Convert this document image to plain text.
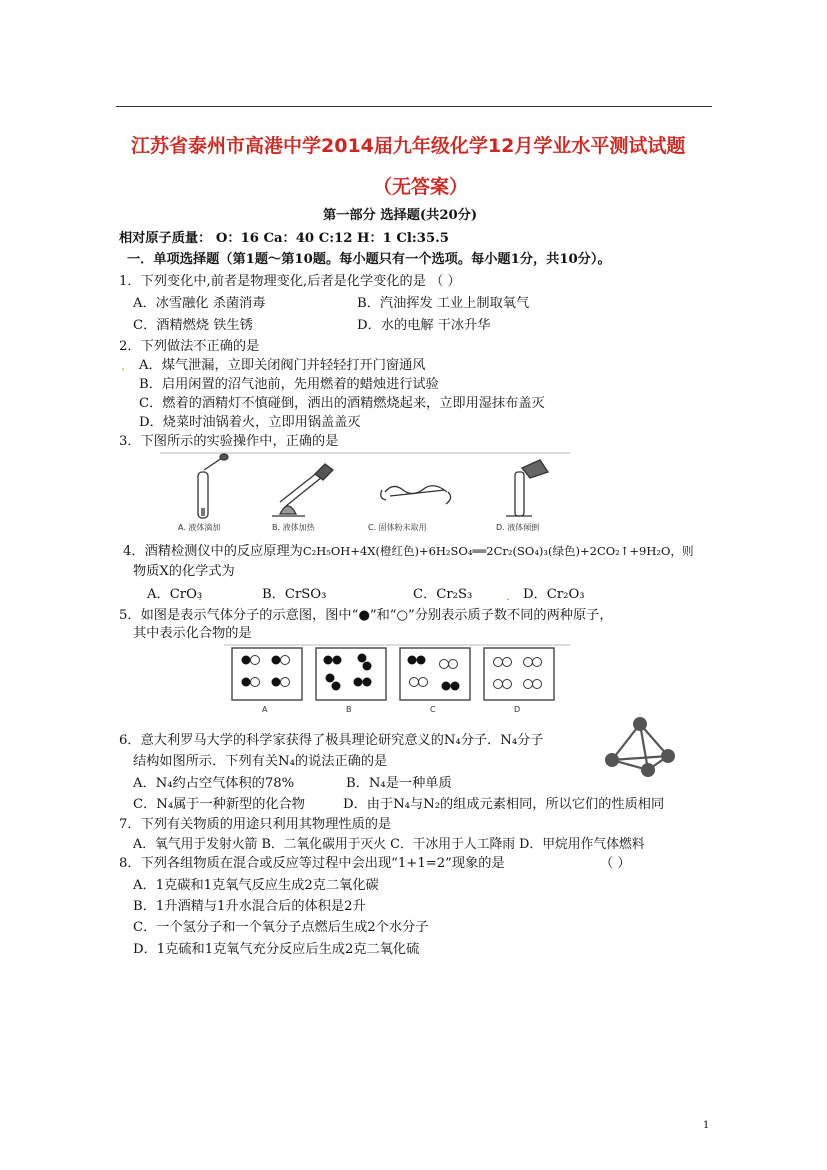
江苏省泰州市高港中学2014届九年级化学12月学业水平测试试题
（无答案）
第一部分 选择题(共20分)
相对原子质量： O：16 Ca：40 C:12 H：1 Cl:35.5
一．单项选择题（第1题～第10题。每小题只有一个选项。每小题1分，共10分）。
1．下列变化中,前者是物理变化,后者是化学变化的是 （ ）
A．冰雪融化 杀菌消毒	B．汽油挥发 工业上制取氧气
C．酒精燃烧 铁生锈	D．水的电解 干冰升华
2．下列做法不正确的是
. A．煤气泄漏，立即关闭阀门并轻轻打开门窗通风
B．启用闲置的沼气池前，先用燃着的蜡烛进行试验
C．燃着的酒精灯不慎碰倒，洒出的酒精燃烧起来，立即用湿抹布盖灭
D．烧菜时油锅着火，立即用锅盖盖灭
3．下图所示的实验操作中，正确的是
A. 液体滴加	B. 液体加热	C. 固体粉末取用	D. 液体倾倒
4．酒精检测仪中的反应原理为C₂H₅OH+4X(橙红色)+6H₂SO₄══2Cr₂(SO₄)₃(绿色)+2CO₂↑+9H₂O，则
物质X的化学式为
A．CrO₃
．	B．CrSO₃	C．Cr₂S₃	． D．Cr₂O₃
5．如图是表示气体分子的示意图，图中“●”和“○”分别表示质子数不同的两种原子，
其中表示化合物的是
A	B	C	D
6．意大利罗马大学的科学家获得了极具理论研究意义的N₄分子．N₄分子
结构如图所示．下列有关N₄的说法正确的是
A．N₄约占空气体积的78%	B．N₄是一种单质
C．N₄属于一种新型的化合物	D．由于N₄与N₂的组成元素相同，所以它们的性质相同
7．下列有关物质的用途只利用其物理性质的是
A．氧气用于发射火箭 B．二氧化碳用于灭火 C．干冰用于人工降雨 D．甲烷用作气体燃料
8．下列各组物质在混合或反应等过程中会出现“1+1=2”现象的是	（ ）
A．1克碳和1克氧气反应生成2克二氧化碳
B．1升酒精与1升水混合后的体积是2升
C．一个氢分子和一个氧分子点燃后生成2个水分子
D．1克硫和1克氧气充分反应后生成2克二氧化硫
1
